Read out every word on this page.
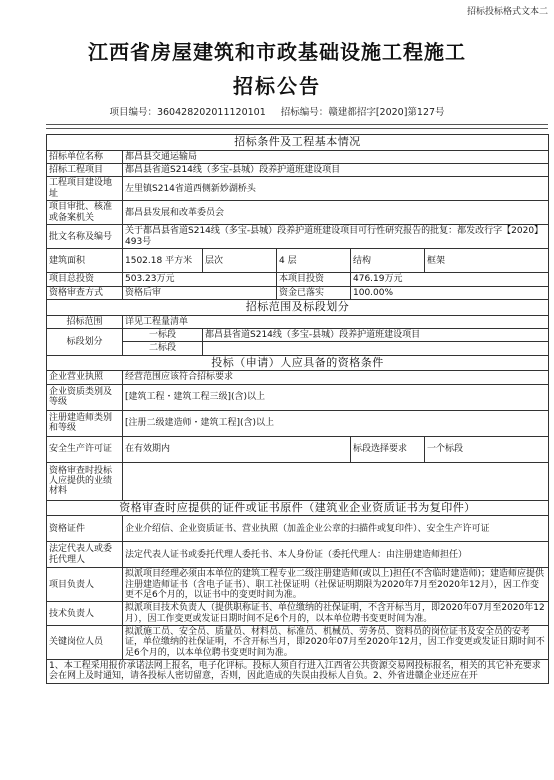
招标投标格式文本二
江西省房屋建筑和市政基础设施工程施工
招标公告
项目编号：360428202011120101 招标编号：赣建都招字[2020]第127号
招标条件及工程基本情况					
招标单位名称	都昌县交通运输局				
招标工程项目	都昌县省道S214线（多宝-县城）段养护道班建设项目				
工程项目建设地址	左里镇S214省道西侧新妙湖桥头				
项目审批、核准或备案机关	都昌县发展和改革委员会				
批文名称及编号	关于都昌县省道S214线（多宝-县城）段养护道班建设项目可行性研究报告的批复：都发改行字【2020】493号				
建筑面积	1502.18 平方米	层次	4 层	结构	框架
项目总投资	503.23万元		本项目投资	476.19万元	
资格审查方式	资格后审		资金已落实	100.00%	
招标范围及标段划分					
招标范围	详见工程量清单				
标段划分	一标段	都昌县省道S214线（多宝-县城）段养护道班建设项目			
	二标段				
投标（申请）人应具备的资格条件					
企业营业执照	经营范围应该符合招标要求				
企业资质类别及等级	[建筑工程・建筑工程三级](含)以上				
注册建造师类别和等级	[注册二级建造师・建筑工程](含)以上				
安全生产许可证	在有效期内			标段选择要求	一个标段
资格审查时投标人应提供的业绩材料					
资格审查时应提供的证件或证书原件（建筑业企业资质证书为复印件）					
资格证件	企业介绍信、企业资质证书、营业执照（加盖企业公章的扫描件或复印件）、安全生产许可证				
法定代表人或委托代理人	法定代表人证书或委托代理人委托书、本人身份证（委托代理人：由注册建造师担任）				
项目负责人	拟派项目经理必须由本单位的建筑工程专业二级注册建造师(或以上)担任(不含临时建造师)；建造师应提供注册建造师证书（含电子证书）、职工社保证明（社保证明期限为2020年7月至2020年12月），因工作变更不足6个月的，以证书中的变更时间为准。				
技术负责人	拟派项目技术负责人（提供职称证书、单位缴纳的社保证明，不含开标当月，即2020年07月至2020年12月），因工作变更或发证日期时间不足6个月的，以本单位聘书变更时间为准。				
关键岗位人员	拟派施工员、安全员、质量员、材料员、标准员、机械员、劳务员、资料员的岗位证书及安全员的安考证，单位缴纳的社保证明，不含开标当月，即2020年07月至2020年12月，因工作变更或发证日期时间不足6个月的，以本单位聘书变更时间为准。				
1、本工程采用报价承诺法网上报名，电子化评标。投标人须自行进入江西省公共资源交易网投标报名，相关的其它补充要求会在网上及时通知，请各投标人密切留意，否则，因此造成的失误由投标人自负。2、外省进赣企业还应在开					
